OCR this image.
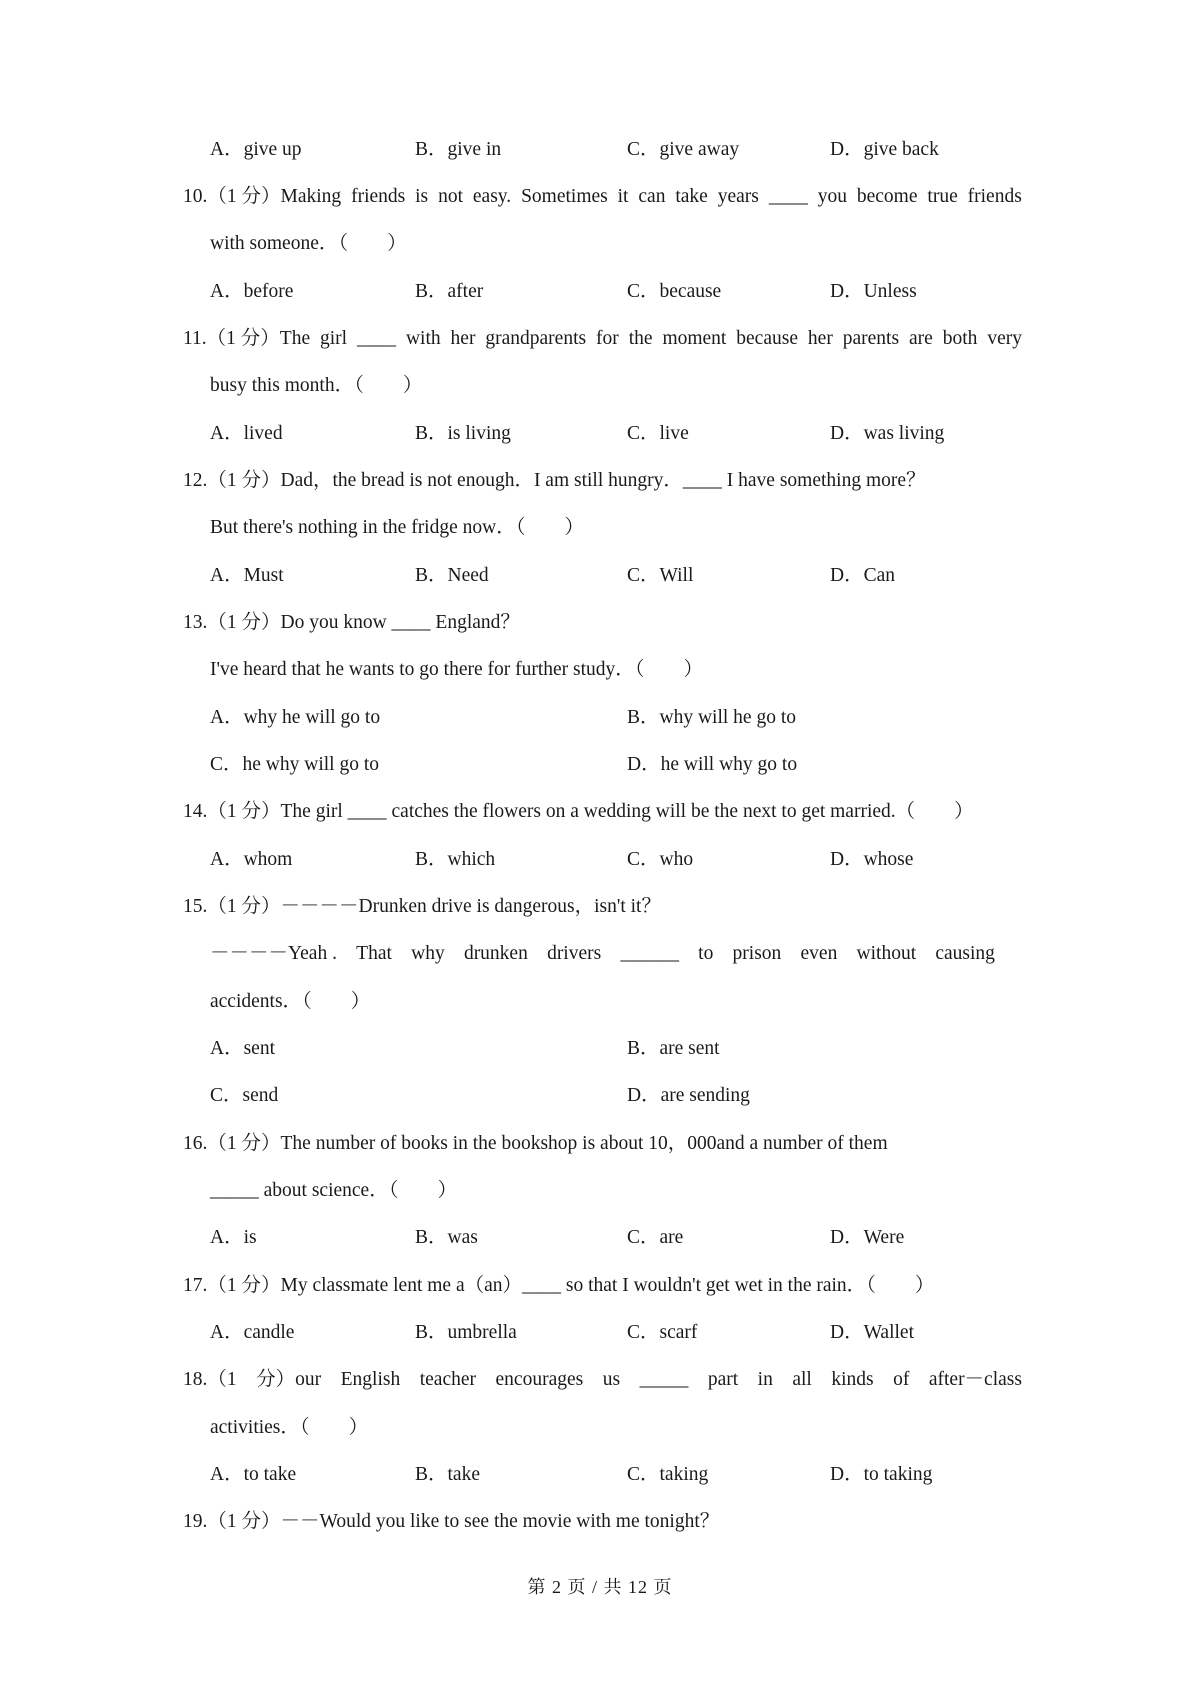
A．give up	B．give in	C．give away	D．give back
10.（1 分）Making friends is not easy. Sometimes it can take years ____ you become true friends
with someone．（　　）
A．before	B．after	C．because	D．Unless
11.（1 分）The girl ____ with her grandparents for the moment because her parents are both very
busy this month．（　　）
A．lived	B．is living	C．live	D．was living
12.（1 分）Dad，the bread is not enough．I am still hungry．____ I have something more？
But there's nothing in the fridge now．（　　）
A．Must	B．Need	C．Will	D．Can
13.（1 分）Do you know ____ England？
I've heard that he wants to go there for further study．（　　）
A．why he will go to	B．why will he go to
C．he why will go to	D．he will why go to
14.（1 分）The girl ____ catches the flowers on a wedding will be the next to get married.（　　）
A．whom	B．which	C．who	D．whose
15.（1 分）－－－－Drunken drive is dangerous，isn't it？
－－－－Yeah . That why drunken drivers ______ to prison even without causing
accidents．（　　）
A．sent	B．are sent
C．send	D．are sending
16.（1 分）The number of books in the bookshop is about 10，000and a number of them
_____ about science．（　　）
A．is	B．was	C．are	D．Were
17.（1 分）My classmate lent me a（an）____ so that I wouldn't get wet in the rain．（　　）
A．candle	B．umbrella	C．scarf	D．Wallet
18.（1 分）our English teacher encourages us _____ part in all kinds of after－class
activities．（　　）
A．to take	B．take	C．taking	D．to taking
19.（1 分）－－Would you like to see the movie with me tonight？
第 2 页 / 共 12 页
